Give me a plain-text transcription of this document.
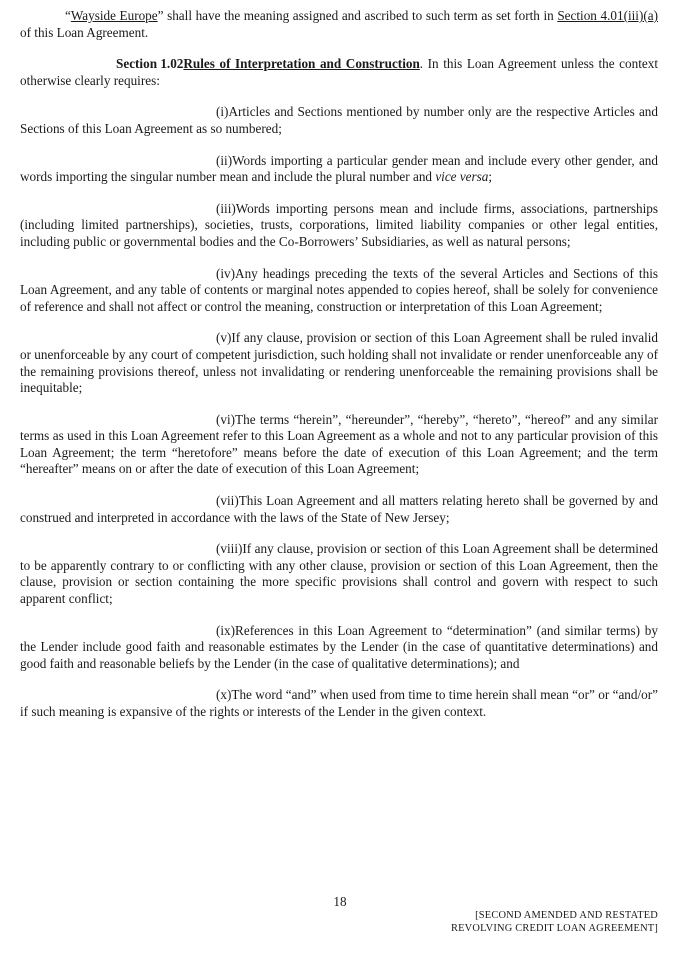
“Wayside Europe” shall have the meaning assigned and ascribed to such term as set forth in Section 4.01(iii)(a) of this Loan Agreement.

Section 1.02Rules of Interpretation and Construction. In this Loan Agreement unless the context otherwise clearly requires:

(i)Articles and Sections mentioned by number only are the respective Articles and Sections of this Loan Agreement as so numbered;

(ii)Words importing a particular gender mean and include every other gender, and words importing the singular number mean and include the plural number and vice versa;

(iii)Words importing persons mean and include firms, associations, partnerships (including limited partnerships), societies, trusts, corporations, limited liability companies or other legal entities, including public or governmental bodies and the Co-Borrowers’ Subsidiaries, as well as natural persons;

(iv)Any headings preceding the texts of the several Articles and Sections of this Loan Agreement, and any table of contents or marginal notes appended to copies hereof, shall be solely for convenience of reference and shall not affect or control the meaning, construction or interpretation of this Loan Agreement;

(v)If any clause, provision or section of this Loan Agreement shall be ruled invalid or unenforceable by any court of competent jurisdiction, such holding shall not invalidate or render unenforceable any of the remaining provisions thereof, unless not invalidating or rendering unenforceable the remaining provisions shall be inequitable;

(vi)The terms “herein”, “hereunder”, “hereby”, “hereto”, “hereof” and any similar terms as used in this Loan Agreement refer to this Loan Agreement as a whole and not to any particular provision of this Loan Agreement; the term “heretofore” means before the date of execution of this Loan Agreement; and the term “hereafter” means on or after the date of execution of this Loan Agreement;

(vii)This Loan Agreement and all matters relating hereto shall be governed by and construed and interpreted in accordance with the laws of the State of New Jersey;

(viii)If any clause, provision or section of this Loan Agreement shall be determined to be apparently contrary to or conflicting with any other clause, provision or section of this Loan Agreement, then the clause, provision or section containing the more specific provisions shall control and govern with respect to such apparent conflict;

(ix)References in this Loan Agreement to “determination” (and similar terms) by the Lender include good faith and reasonable estimates by the Lender (in the case of quantitative determinations) and good faith and reasonable beliefs by the Lender (in the case of qualitative determinations); and

(x)The word “and” when used from time to time herein shall mean “or” or “and/or” if such meaning is expansive of the rights or interests of the Lender in the given context.

18
[SECOND AMENDED AND RESTATED
REVOLVING CREDIT LOAN AGREEMENT]
